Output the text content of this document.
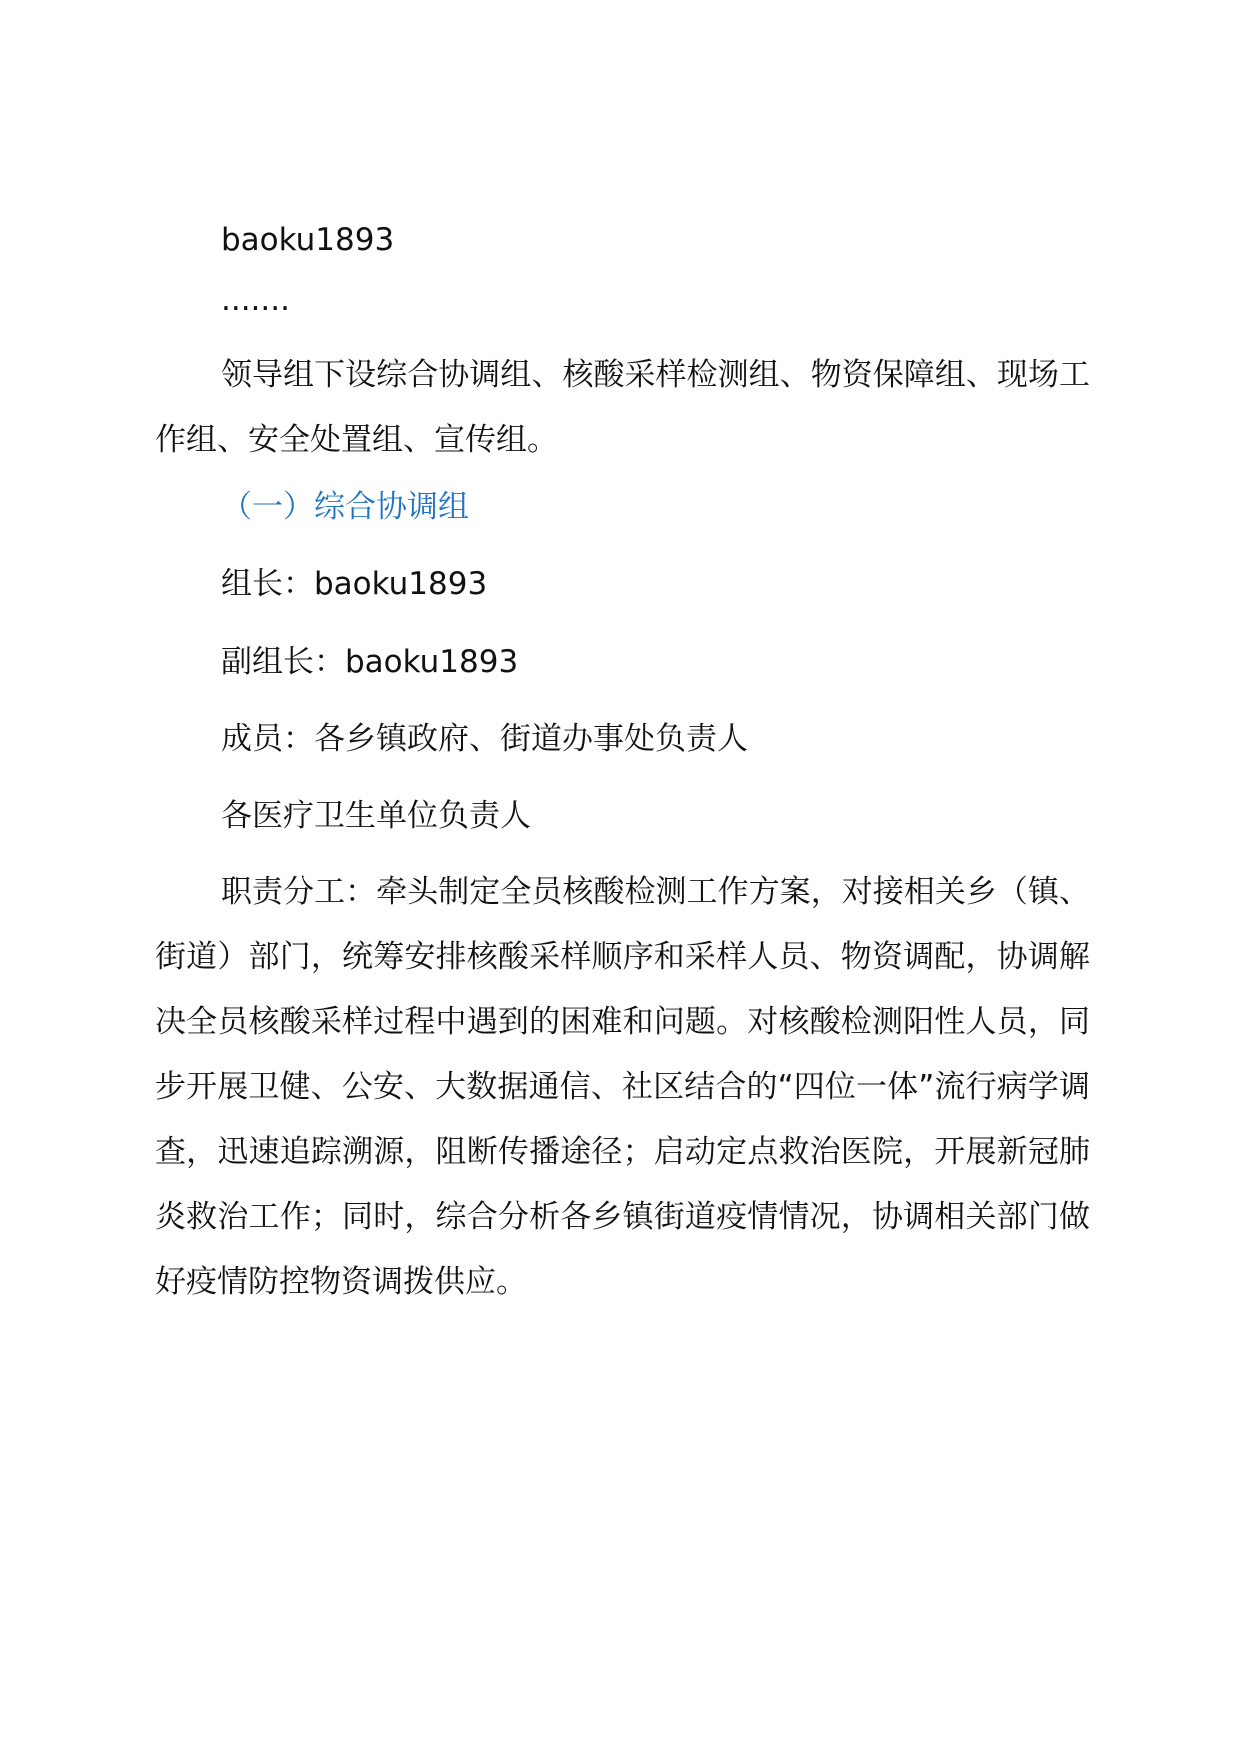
baoku1893

.......

领导组下设综合协调组、核酸采样检测组、物资保障组、现场工作组、安全处置组、宣传组。

（一）综合协调组

组长：baoku1893

副组长：baoku1893

成员：各乡镇政府、街道办事处负责人

各医疗卫生单位负责人

职责分工：牵头制定全员核酸检测工作方案，对接相关乡（镇、街道）部门，统筹安排核酸采样顺序和采样人员、物资调配，协调解决全员核酸采样过程中遇到的困难和问题。对核酸检测阳性人员，同步开展卫健、公安、大数据通信、社区结合的“四位一体”流行病学调查，迅速追踪溯源，阻断传播途径；启动定点救治医院，开展新冠肺炎救治工作；同时，综合分析各乡镇街道疫情情况，协调相关部门做好疫情防控物资调拨供应。
